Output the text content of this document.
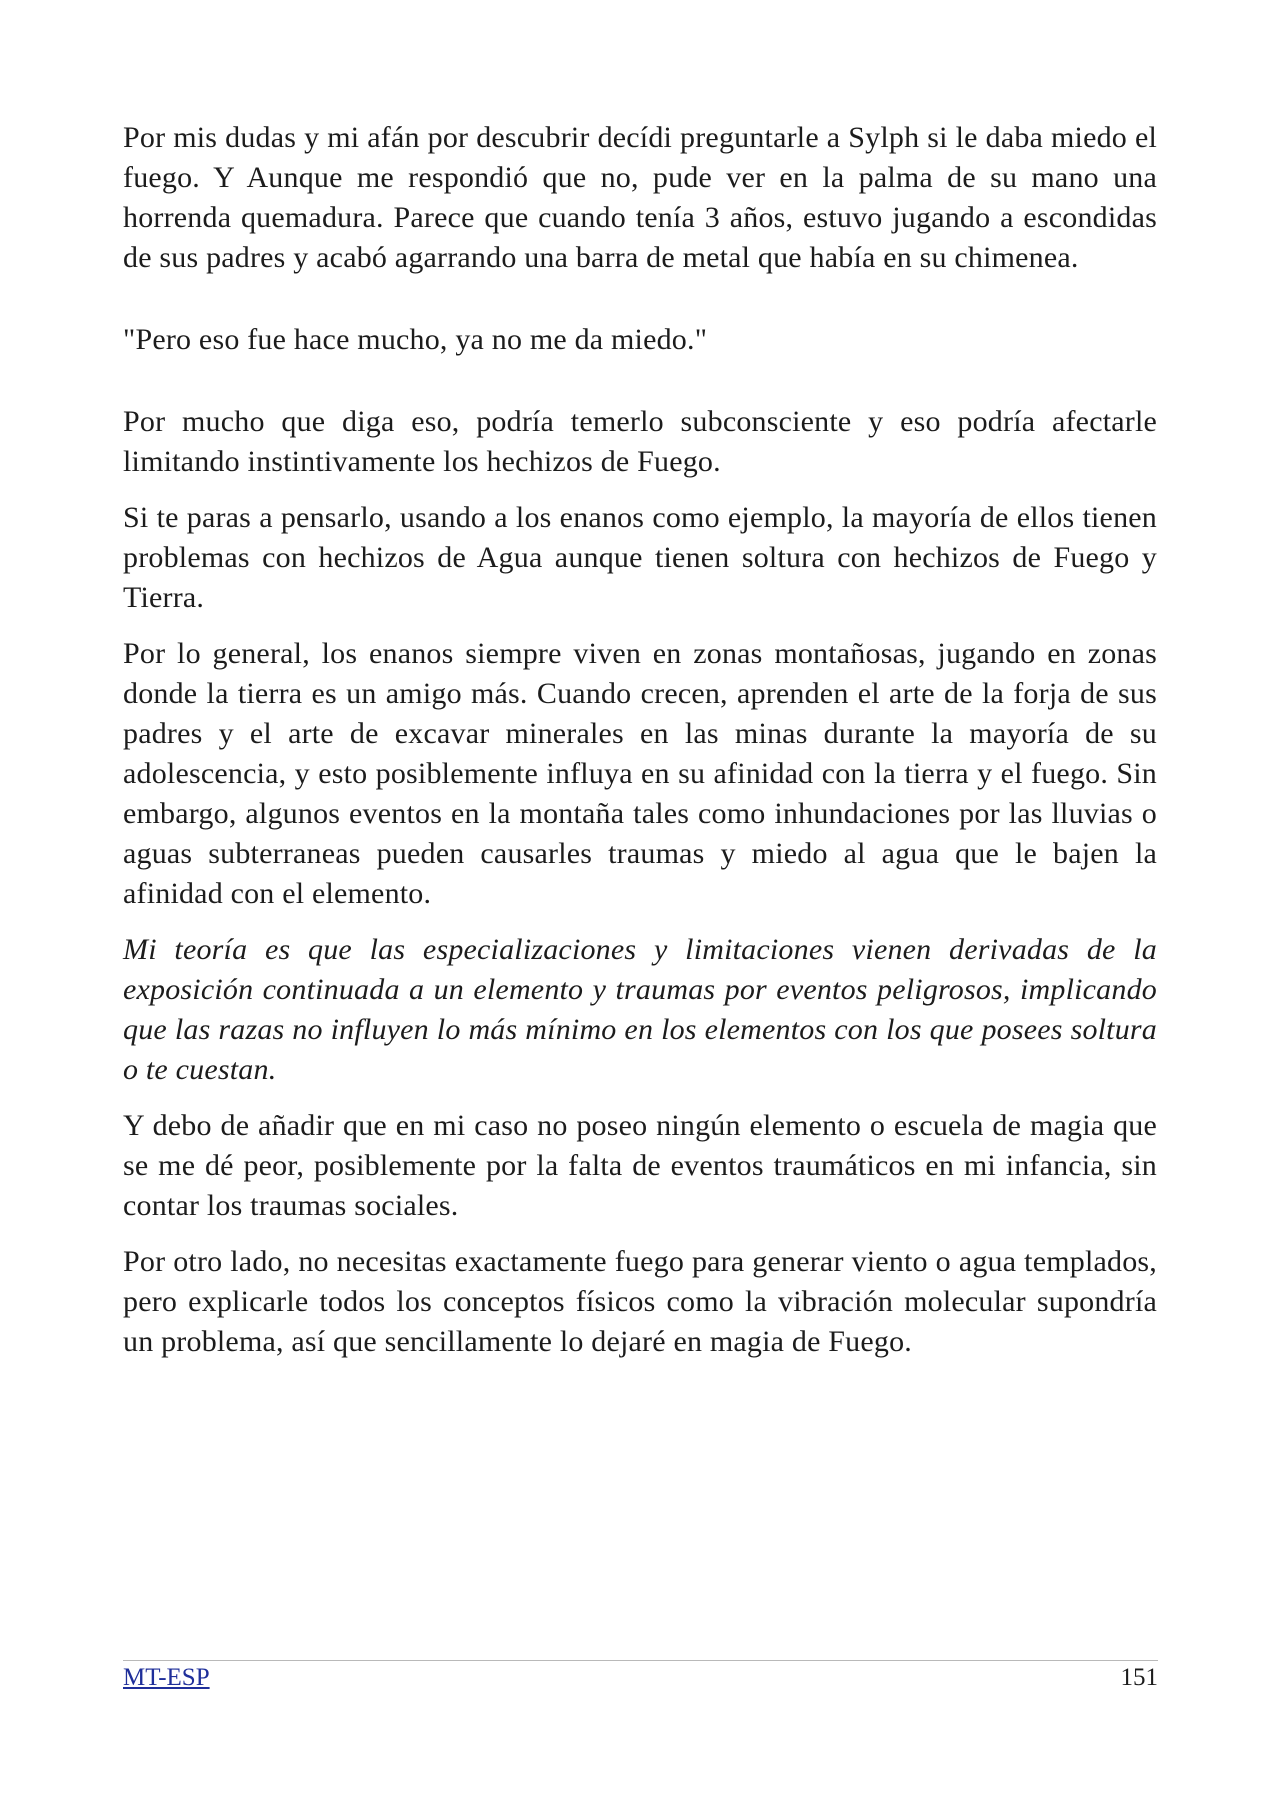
Por mis dudas y mi afán por descubrir decídi preguntarle a Sylph si le daba miedo el fuego. Y Aunque me respondió que no, pude ver en la palma de su mano una horrenda quemadura. Parece que cuando tenía 3 años, estuvo jugando a escondidas de sus padres y acabó agarrando una barra de metal que había en su chimenea.

"Pero eso fue hace mucho, ya no me da miedo."

Por mucho que diga eso, podría temerlo subconsciente y eso podría afectarle limitando instintivamente los hechizos de Fuego.

Si te paras a pensarlo, usando a los enanos como ejemplo, la mayoría de ellos tienen problemas con hechizos de Agua aunque tienen soltura con hechizos de Fuego y Tierra.

Por lo general, los enanos siempre viven en zonas montañosas, jugando en zonas donde la tierra es un amigo más. Cuando crecen, aprenden el arte de la forja de sus padres y el arte de excavar minerales en las minas durante la mayoría de su adolescencia, y esto posiblemente influya en su afinidad con la tierra y el fuego. Sin embargo, algunos eventos en la montaña tales como inhundaciones por las lluvias o aguas subterraneas pueden causarles traumas y miedo al agua que le bajen la afinidad con el elemento.

Mi teoría es que las especializaciones y limitaciones vienen derivadas de la exposición continuada a un elemento y traumas por eventos peligrosos, implicando que las razas no influyen lo más mínimo en los elementos con los que posees soltura o te cuestan.

Y debo de añadir que en mi caso no poseo ningún elemento o escuela de magia que se me dé peor, posiblemente por la falta de eventos traumáticos en mi infancia, sin contar los traumas sociales.

Por otro lado, no necesitas exactamente fuego para generar viento o agua templados, pero explicarle todos los conceptos físicos como la vibración molecular supondría un problema, así que sencillamente lo dejaré en magia de Fuego.

MT-ESP	151
